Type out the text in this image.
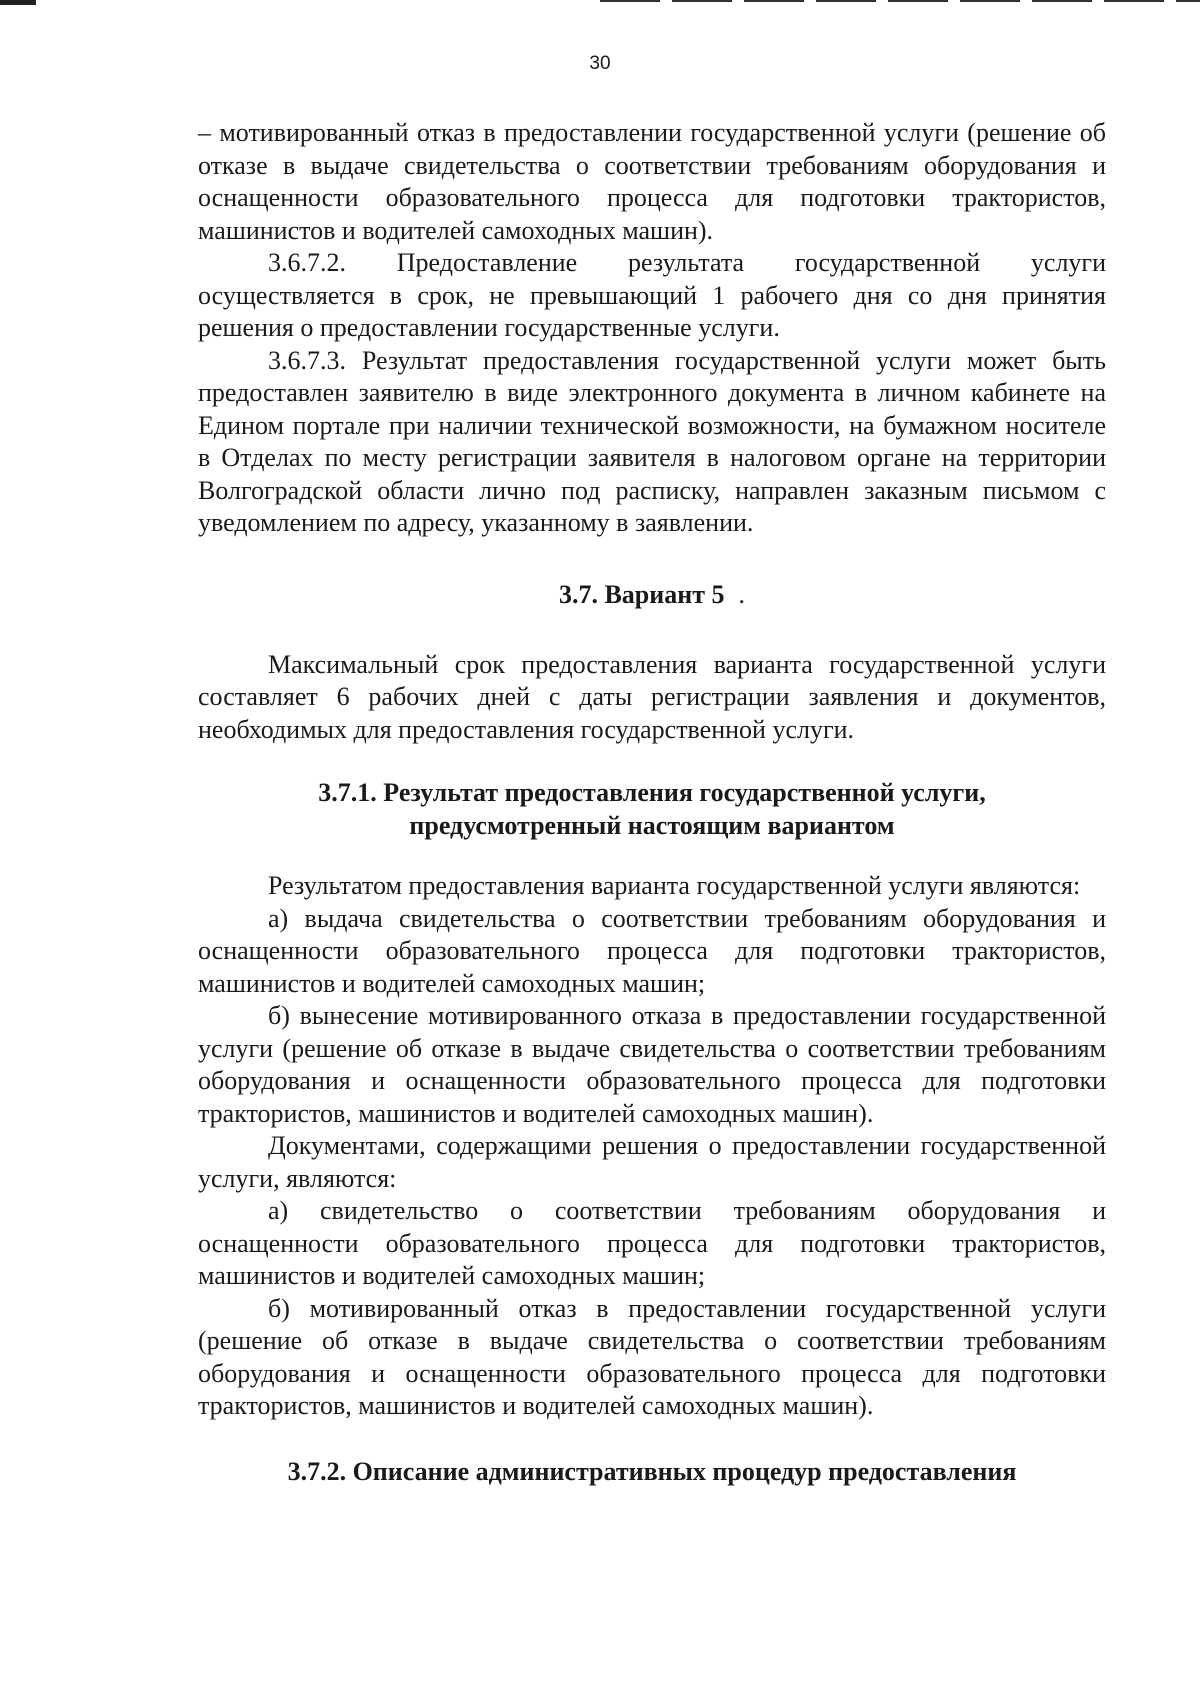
30

– мотивированный отказ в предоставлении государственной услуги (решение об отказе в выдаче свидетельства о соответствии требованиям оборудования и оснащенности образовательного процесса для подготовки трактористов, машинистов и водителей самоходных машин).

3.6.7.2. Предоставление результата государственной услуги осуществляется в срок, не превышающий 1 рабочего дня со дня принятия решения о предоставлении государственные услуги.

3.6.7.3. Результат предоставления государственной услуги может быть предоставлен заявителю в виде электронного документа в личном кабинете на Едином портале при наличии технической возможности, на бумажном носителе в Отделах по месту регистрации заявителя в налоговом органе на территории Волгоградской области лично под расписку, направлен заказным письмом с уведомлением по адресу, указанному в заявлении.

3.7. Вариант 5 .

Максимальный срок предоставления варианта государственной услуги составляет 6 рабочих дней с даты регистрации заявления и документов, необходимых для предоставления государственной услуги.

3.7.1. Результат предоставления государственной услуги,
предусмотренный настоящим вариантом

Результатом предоставления варианта государственной услуги являются:

а) выдача свидетельства о соответствии требованиям оборудования и оснащенности образовательного процесса для подготовки трактористов, машинистов и водителей самоходных машин;

б) вынесение мотивированного отказа в предоставлении государственной услуги (решение об отказе в выдаче свидетельства о соответствии требованиям оборудования и оснащенности образовательного процесса для подготовки трактористов, машинистов и водителей самоходных машин).

Документами, содержащими решения о предоставлении государственной услуги, являются:

а) свидетельство о соответствии требованиям оборудования и оснащенности образовательного процесса для подготовки трактористов, машинистов и водителей самоходных машин;

б) мотивированный отказ в предоставлении государственной услуги (решение об отказе в выдаче свидетельства о соответствии требованиям оборудования и оснащенности образовательного процесса для подготовки трактористов, машинистов и водителей самоходных машин).

3.7.2. Описание административных процедур предоставления
